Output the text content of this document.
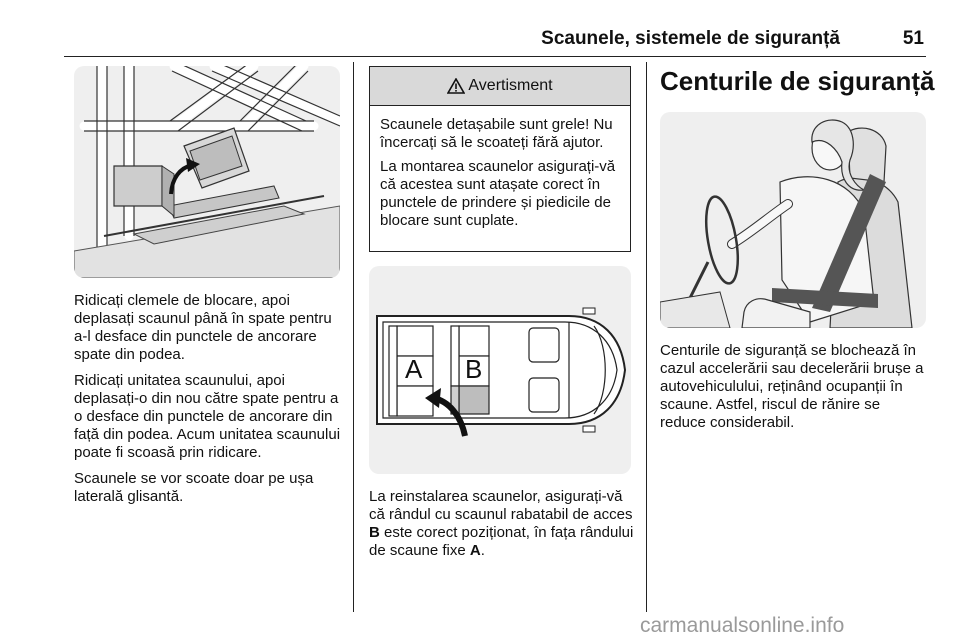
Scaunele, sistemele de siguranță	51

Ridicați clemele de blocare, apoi deplasați scaunul până în spate pentru a-l desface din punctele de ancorare spate din podea.

Ridicați unitatea scaunului, apoi deplasați-o din nou către spate pentru a o desface din punctele de ancorare din față din podea. Acum unitatea scaunului poate fi scoasă prin ridicare.

Scaunele se vor scoate doar pe ușa laterală glisantă.

Avertisment

Scaunele detașabile sunt grele! Nu încercați să le scoateți fără ajutor.

La montarea scaunelor asigurați-vă că acestea sunt atașate corect în punctele de prindere și piedicile de blocare sunt cuplate.

A B

La reinstalarea scaunelor, asigurați-vă că rândul cu scaunul rabatabil de acces B este corect poziționat, în fața rândului de scaune fixe A.

Centurile de siguranță

Centurile de siguranță se blochează în cazul accelerării sau decelerării brușe a autovehiculului, reținând ocupanții în scaune. Astfel, riscul de rănire se reduce considerabil.

carmanualsonline.info
